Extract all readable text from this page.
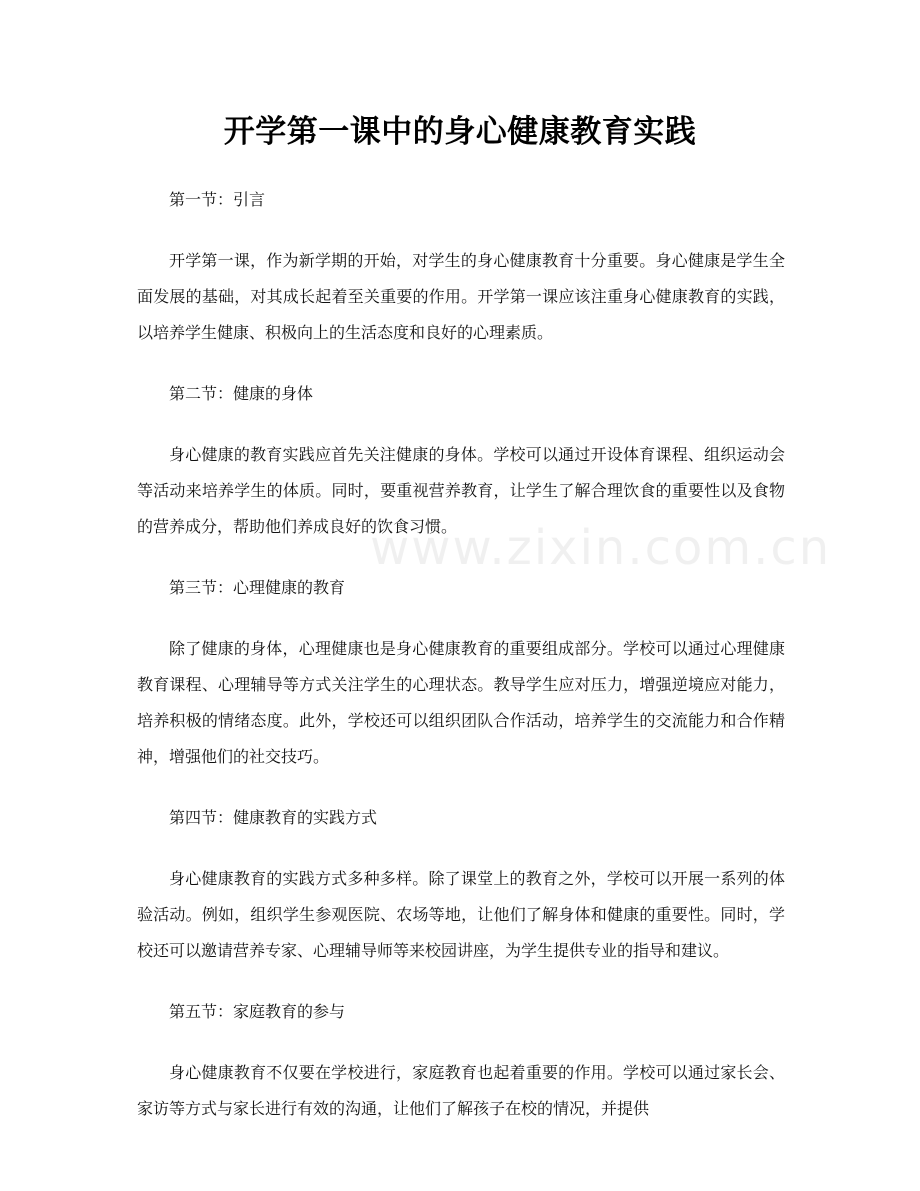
开学第一课中的身心健康教育实践
第一节：引言

开学第一课，作为新学期的开始，对学生的身心健康教育十分重要。身心健康是学生全面发展的基础，对其成长起着至关重要的作用。开学第一课应该注重身心健康教育的实践，以培养学生健康、积极向上的生活态度和良好的心理素质。

第二节：健康的身体

身心健康的教育实践应首先关注健康的身体。学校可以通过开设体育课程、组织运动会等活动来培养学生的体质。同时，要重视营养教育，让学生了解合理饮食的重要性以及食物的营养成分，帮助他们养成良好的饮食习惯。

第三节：心理健康的教育

除了健康的身体，心理健康也是身心健康教育的重要组成部分。学校可以通过心理健康教育课程、心理辅导等方式关注学生的心理状态。教导学生应对压力，增强逆境应对能力，培养积极的情绪态度。此外，学校还可以组织团队合作活动，培养学生的交流能力和合作精神，增强他们的社交技巧。

第四节：健康教育的实践方式

身心健康教育的实践方式多种多样。除了课堂上的教育之外，学校可以开展一系列的体验活动。例如，组织学生参观医院、农场等地，让他们了解身体和健康的重要性。同时，学校还可以邀请营养专家、心理辅导师等来校园讲座，为学生提供专业的指导和建议。

第五节：家庭教育的参与

身心健康教育不仅要在学校进行，家庭教育也起着重要的作用。学校可以通过家长会、家访等方式与家长进行有效的沟通，让他们了解孩子在校的情况，并提供

www.zixin.com.cn
